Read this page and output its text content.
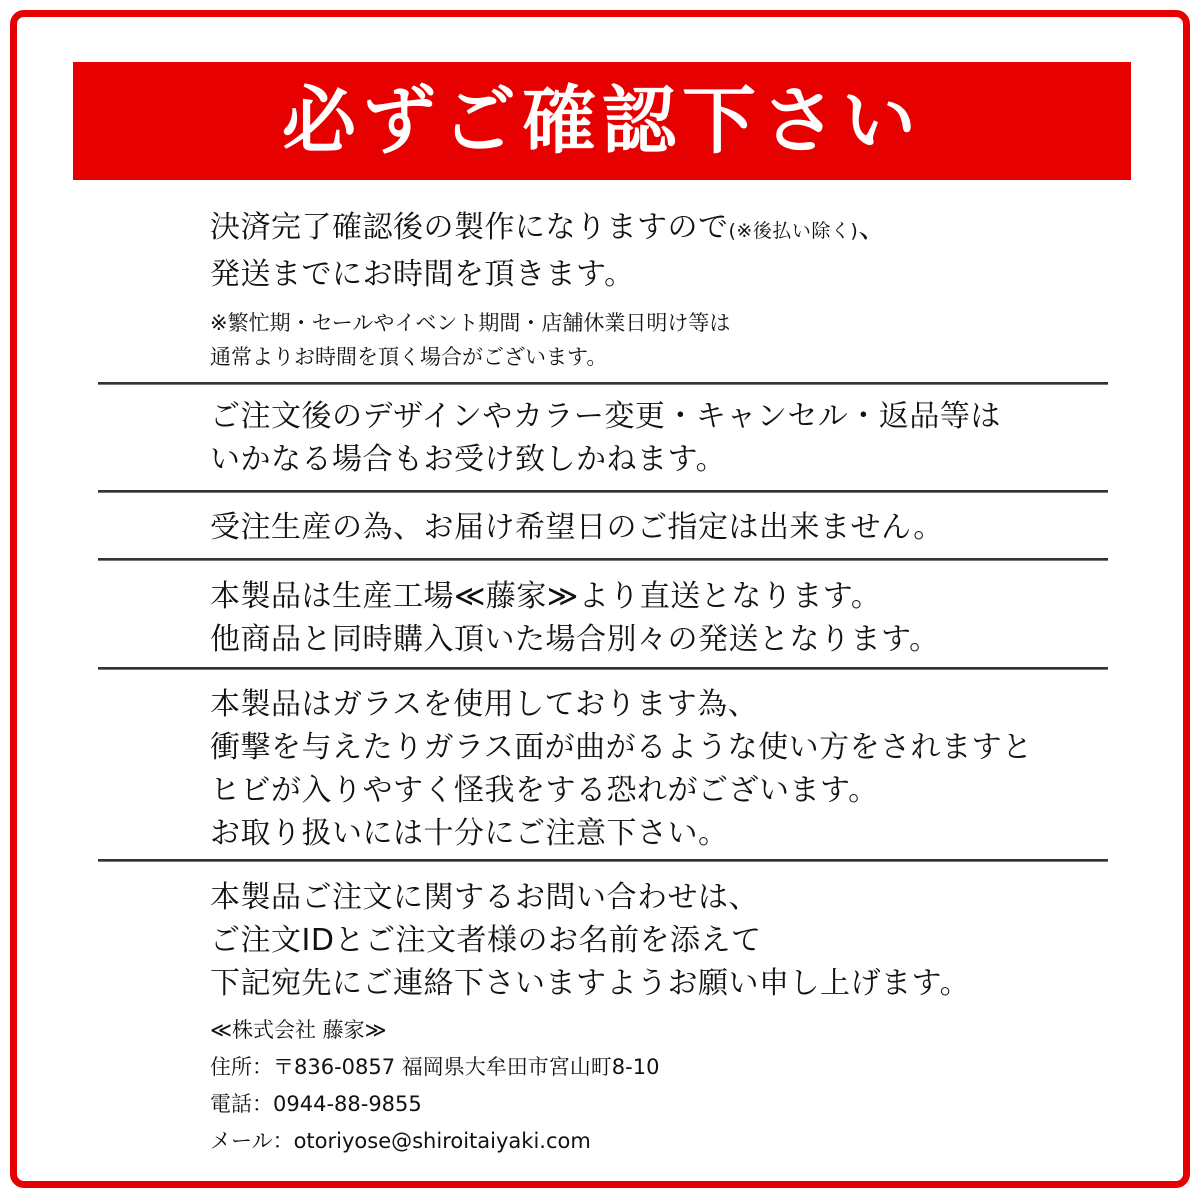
必ずご確認下さい
決済完了確認後の製作になりますので(※後払い除く)、
発送までにお時間を頂きます。
※繁忙期・セールやイベント期間・店舗休業日明け等は
通常よりお時間を頂く場合がございます。
ご注文後のデザインやカラー変更・キャンセル・返品等は
いかなる場合もお受け致しかねます。
受注生産の為、お届け希望日のご指定は出来ません。
本製品は生産工場≪藤家≫より直送となります。
他商品と同時購入頂いた場合別々の発送となります。
本製品はガラスを使用しております為、
衝撃を与えたりガラス面が曲がるような使い方をされますと
ヒビが入りやすく怪我をする恐れがございます。
お取り扱いには十分にご注意下さい。
本製品ご注文に関するお問い合わせは、
ご注文IDとご注文者様のお名前を添えて
下記宛先にご連絡下さいますようお願い申し上げます。
≪株式会社 藤家≫
住所：〒836-0857 福岡県大牟田市宮山町8-10
電話：0944-88-9855
メール：otoriyose@shiroitaiyaki.com
